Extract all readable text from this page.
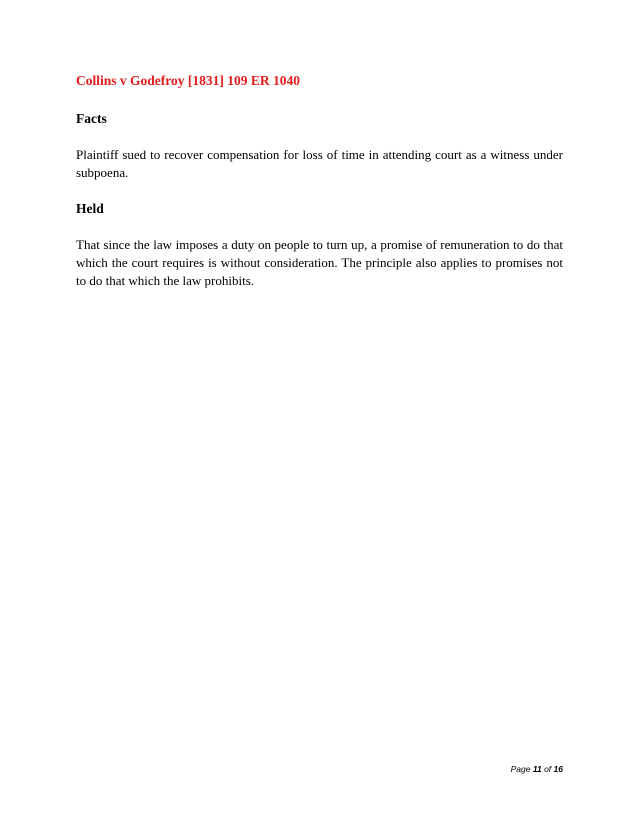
Collins v Godefroy [1831] 109 ER 1040
Facts

Plaintiff sued to recover compensation for loss of time in attending court as a witness under subpoena.

Held

That since the law imposes a duty on people to turn up, a promise of remuneration to do that which the court requires is without consideration. The principle also applies to promises not to do that which the law prohibits.

Page 11 of 16
